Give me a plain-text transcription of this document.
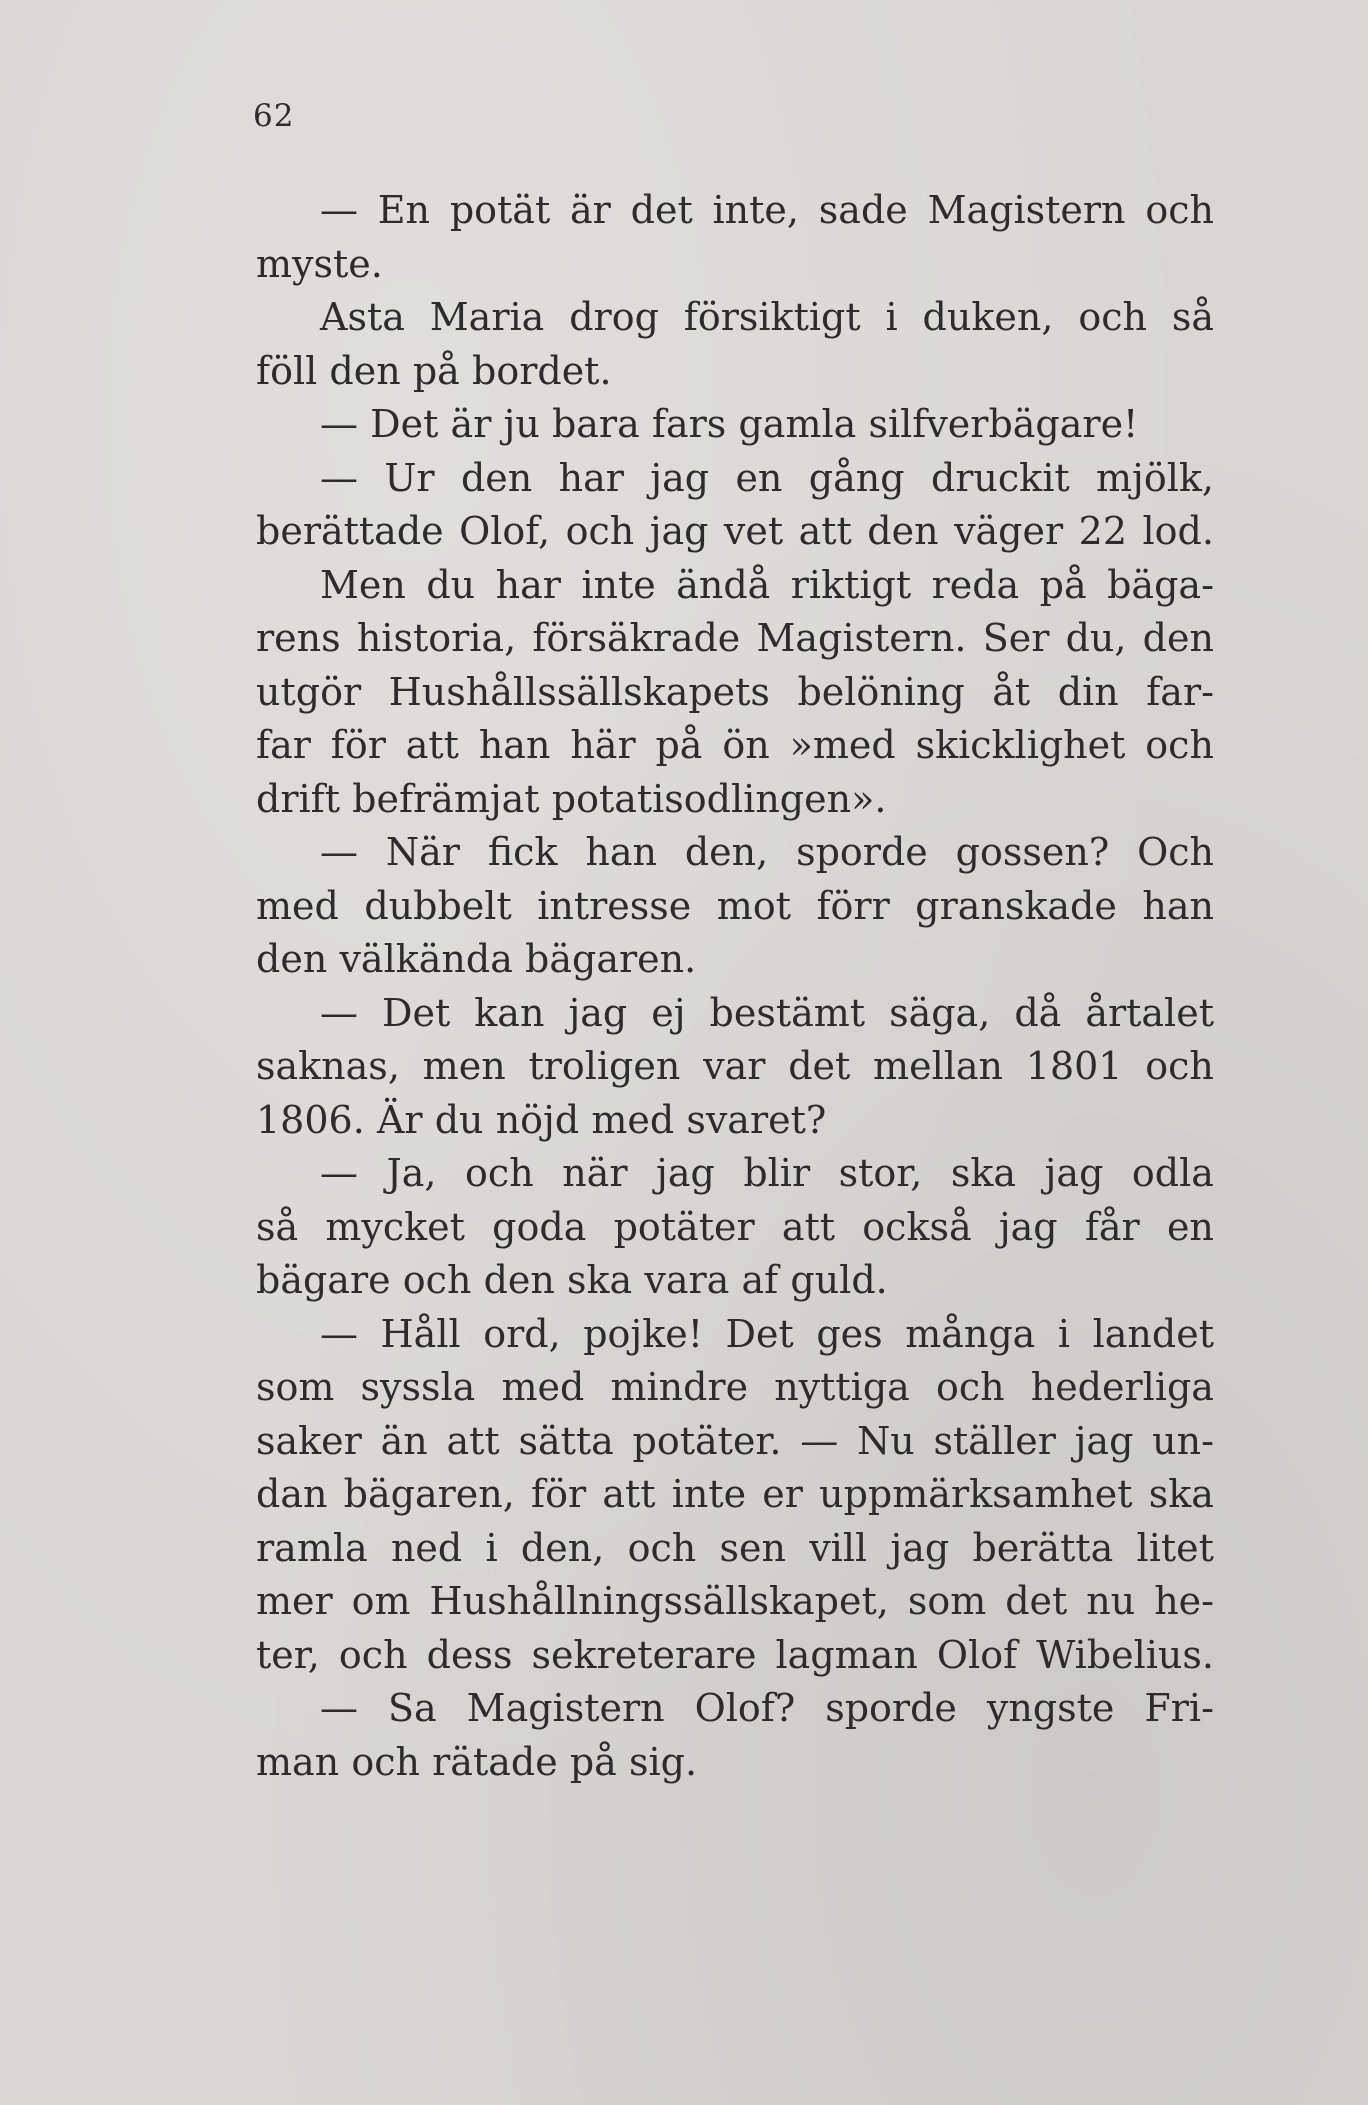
62
— En potät är det inte, sade Magistern och
myste.
Asta Maria drog försiktigt i duken, och så
föll den på bordet.
— Det är ju bara fars gamla silfverbägare!
— Ur den har jag en gång druckit mjölk,
berättade Olof, och jag vet att den väger 22 lod.
Men du har inte ändå riktigt reda på bäga-
rens historia, försäkrade Magistern. Ser du, den
utgör Hushållssällskapets belöning åt din far-
far för att han här på ön »med skicklighet och
drift befrämjat potatisodlingen».
— När fick han den, sporde gossen? Och
med dubbelt intresse mot förr granskade han
den välkända bägaren.
— Det kan jag ej bestämt säga, då årtalet
saknas, men troligen var det mellan 1801 och
1806. Är du nöjd med svaret?
— Ja, och när jag blir stor, ska jag odla
så mycket goda potäter att också jag får en
bägare och den ska vara af guld.
— Håll ord, pojke! Det ges många i landet
som syssla med mindre nyttiga och hederliga
saker än att sätta potäter. — Nu ställer jag un-
dan bägaren, för att inte er uppmärksamhet ska
ramla ned i den, och sen vill jag berätta litet
mer om Hushållningssällskapet, som det nu he-
ter, och dess sekreterare lagman Olof Wibelius.
— Sa Magistern Olof? sporde yngste Fri-
man och rätade på sig.
